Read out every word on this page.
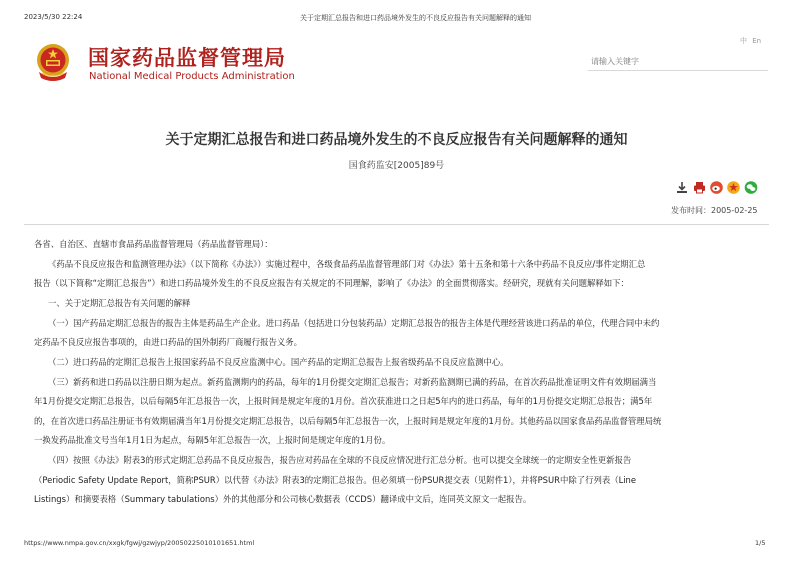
2023/5/30 22:24	关于定期汇总报告和进口药品境外发生的不良反应报告有关问题解释的通知
国家药品监督管理局
National Medical Products Administration
中 En
请输入关键字
关于定期汇总报告和进口药品境外发生的不良反应报告有关问题解释的通知
国食药监安[2005]89号
发布时间：2005-02-25
各省、自治区、直辖市食品药品监督管理局（药品监督管理局）：
《药品不良反应报告和监测管理办法》（以下简称《办法》）实施过程中，各级食品药品监督管理部门对《办法》第十五条和第十六条中药品不良反应/事件定期汇总
报告（以下简称“定期汇总报告”）和进口药品境外发生的不良反应报告有关规定的不同理解，影响了《办法》的全面贯彻落实。经研究，现就有关问题解释如下：
一、关于定期汇总报告有关问题的解释
（一）国产药品定期汇总报告的报告主体是药品生产企业。进口药品（包括进口分包装药品）定期汇总报告的报告主体是代理经营该进口药品的单位，代理合同中未约
定药品不良反应报告事项的，由进口药品的国外制药厂商履行报告义务。
（二）进口药品的定期汇总报告上报国家药品不良反应监测中心。国产药品的定期汇总报告上报省级药品不良反应监测中心。
（三）新药和进口药品以注册日期为起点。新药监测期内的药品，每年的1月份提交定期汇总报告；对新药监测期已满的药品，在首次药品批准证明文件有效期届满当
年1月份提交定期汇总报告，以后每隔5年汇总报告一次，上报时间是规定年度的1月份。首次获准进口之日起5年内的进口药品，每年的1月份提交定期汇总报告；满5年
的，在首次进口药品注册证书有效期届满当年1月份提交定期汇总报告，以后每隔5年汇总报告一次，上报时间是规定年度的1月份。其他药品以国家食品药品监督管理局统
一换发药品批准文号当年1月1日为起点，每隔5年汇总报告一次，上报时间是规定年度的1月份。
（四）按照《办法》附表3的形式定期汇总药品不良反应报告，报告应对药品在全球的不良反应情况进行汇总分析。也可以提交全球统一的定期安全性更新报告
（Periodic Safety Update Report，简称PSUR）以代替《办法》附表3的定期汇总报告。但必须填一份PSUR提交表（见附件1），并将PSUR中除了行列表（Line
Listings）和摘要表格（Summary tabulations）外的其他部分和公司核心数据表（CCDS）翻译成中文后，连同英文原文一起报告。
https://www.nmpa.gov.cn/xxgk/fgwj/gzwjyp/20050225010101651.html	1/5
